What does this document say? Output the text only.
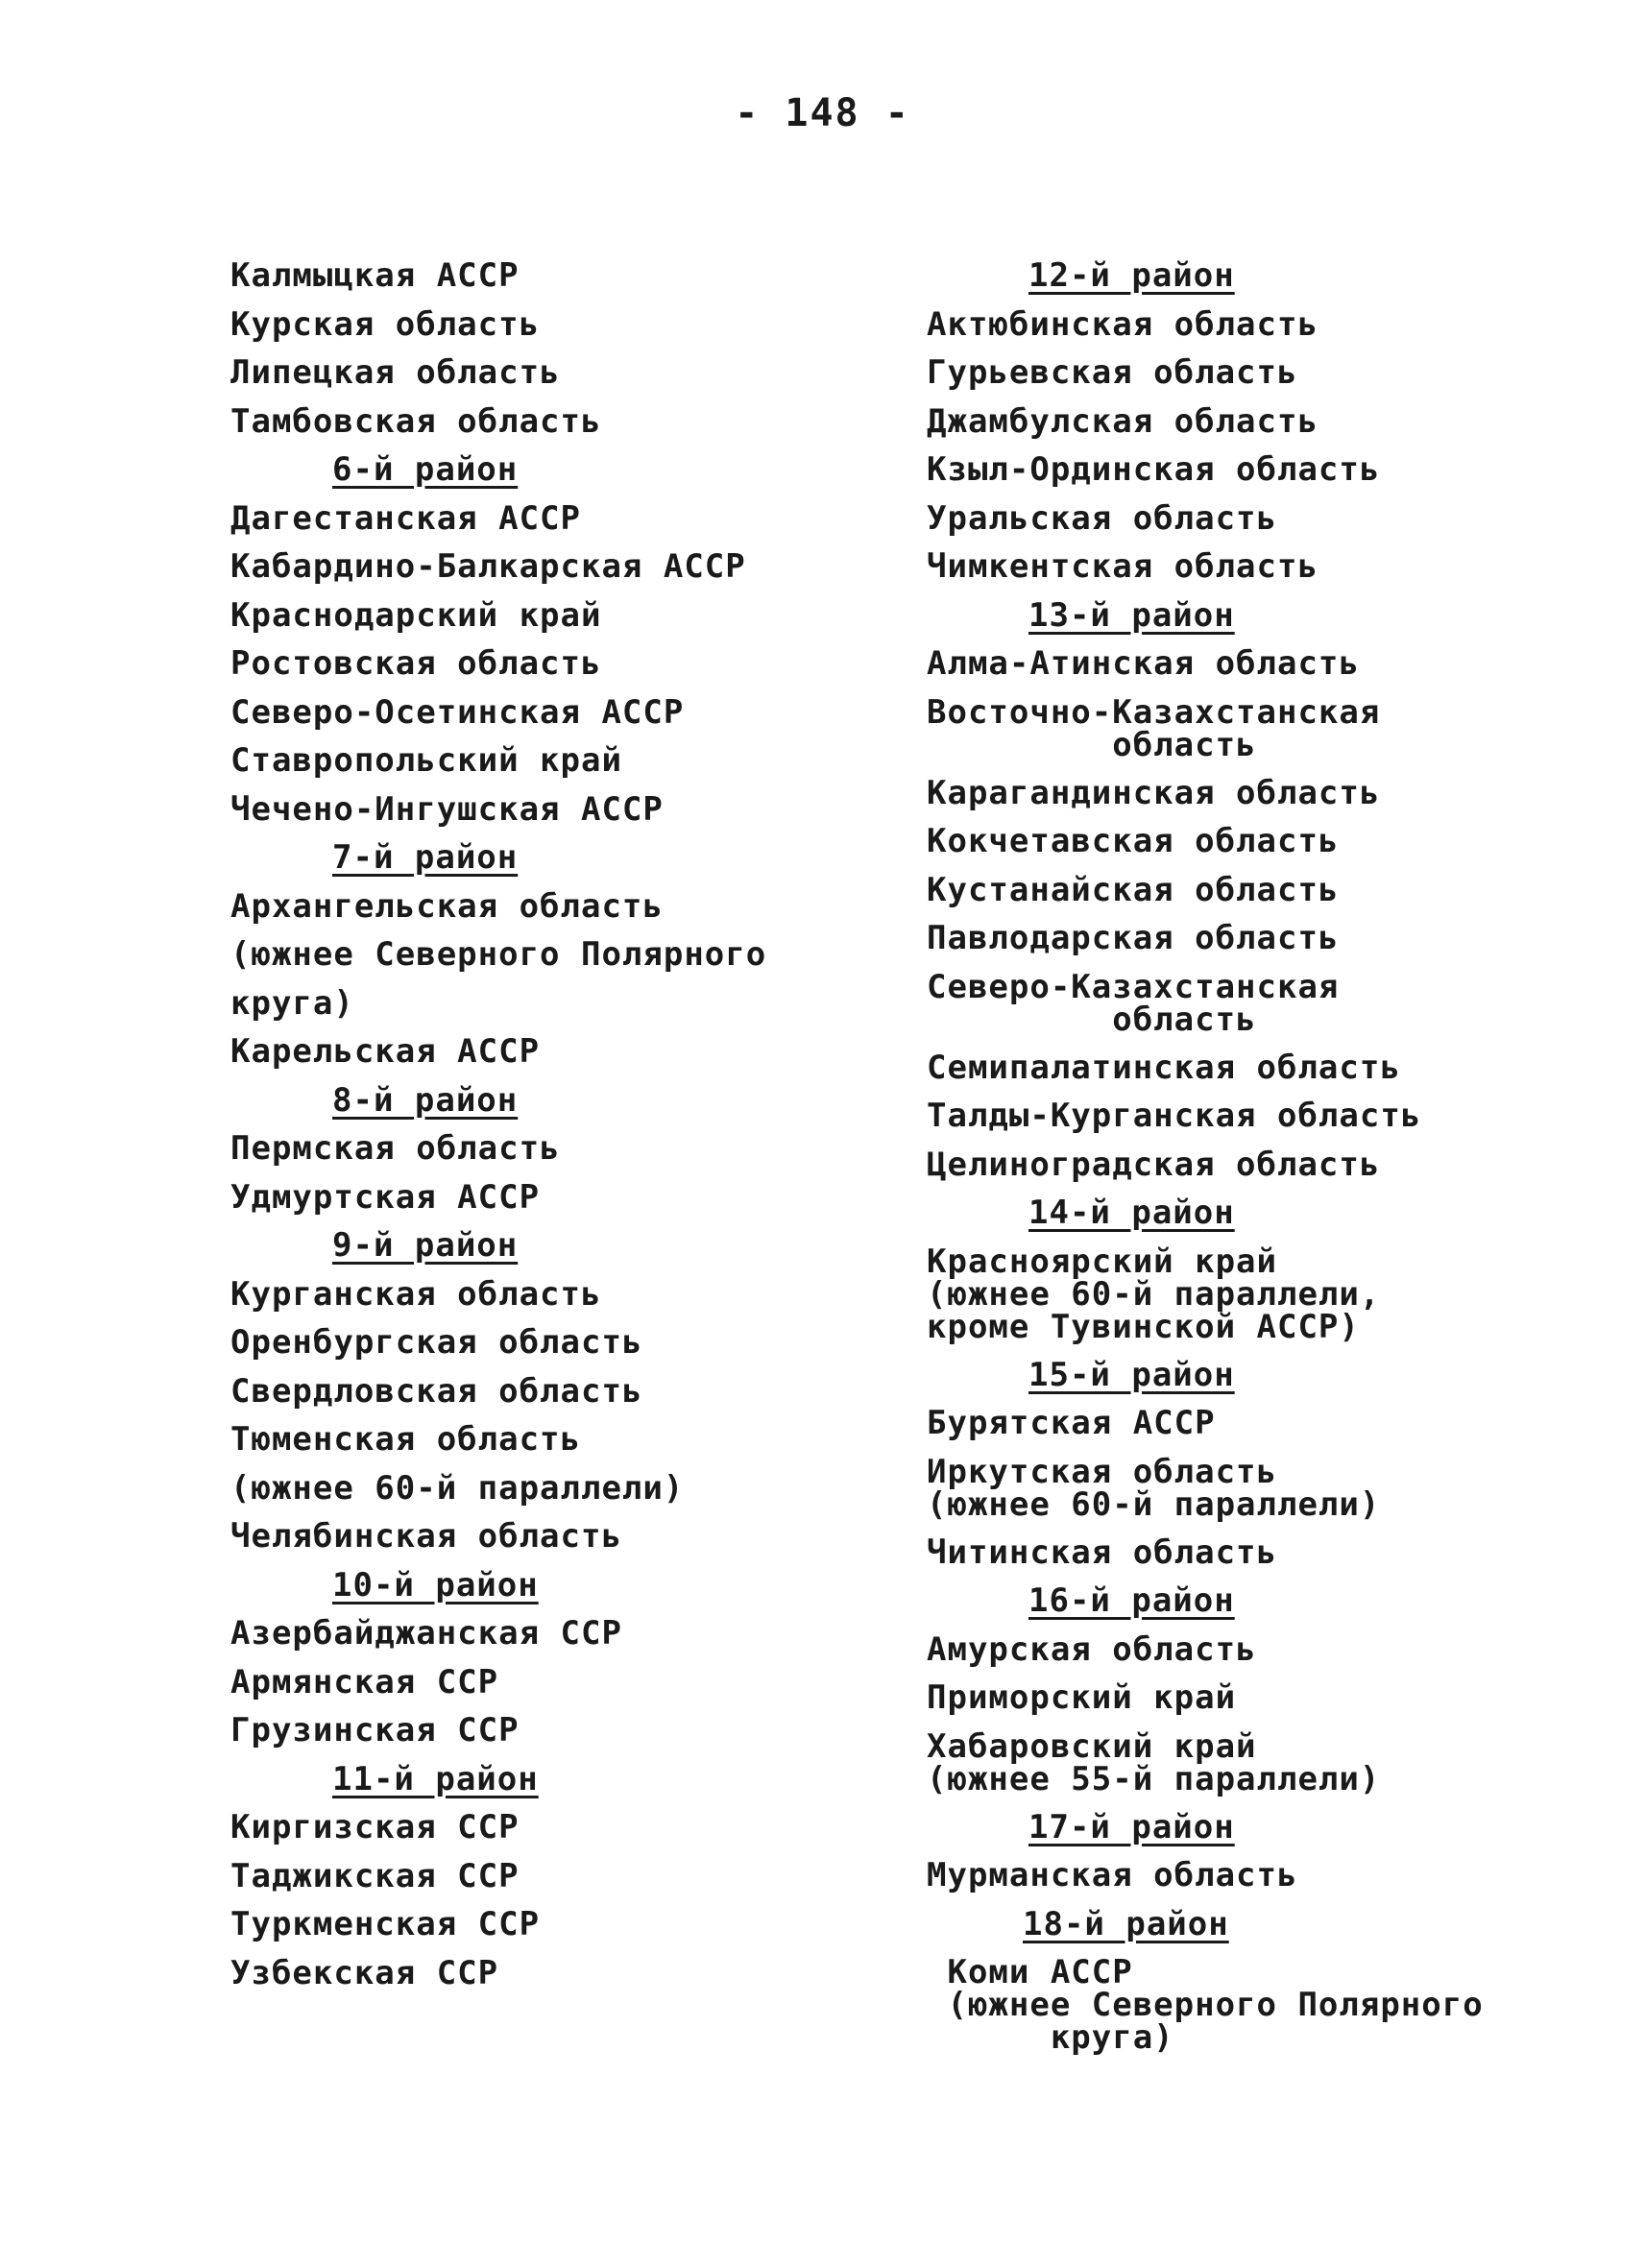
- 148 -
Калмыцкая АССР
Курская область
Липецкая область
Тамбовская область
6-й район
Дагестанская АССР
Кабардино-Балкарская АССР
Краснодарский край
Ростовская область
Северо-Осетинская АССР
Ставропольский край
Чечено-Ингушская АССР
7-й район
Архангельская область
(южнее Северного Полярного
круга)
Карельская АССР
8-й район
Пермская область
Удмуртская АССР
9-й район
Курганская область
Оренбургская область
Свердловская область
Тюменская область
(южнее 60-й параллели)
Челябинская область
10-й район
Азербайджанская ССР
Армянская ССР
Грузинская ССР
11-й район
Киргизская ССР
Таджикская ССР
Туркменская ССР
Узбекская ССР
12-й район
Актюбинская область
Гурьевская область
Джамбулская область
Кзыл-Ординская область
Уральская область
Чимкентская область
13-й район
Алма-Атинская область
Восточно-Казахстанская
область
Карагандинская область
Кокчетавская область
Кустанайская область
Павлодарская область
Северо-Казахстанская
область
Семипалатинская область
Талды-Курганская область
Целиноградская область
14-й район
Красноярский край
(южнее 60-й параллели,
кроме Тувинской АССР)
15-й район
Бурятская АССР
Иркутская область
(южнее 60-й параллели)
Читинская область
16-й район
Амурская область
Приморский край
Хабаровский край
(южнее 55-й параллели)
17-й район
Мурманская область
18-й район
Коми АССР
(южнее Северного Полярного
круга)
